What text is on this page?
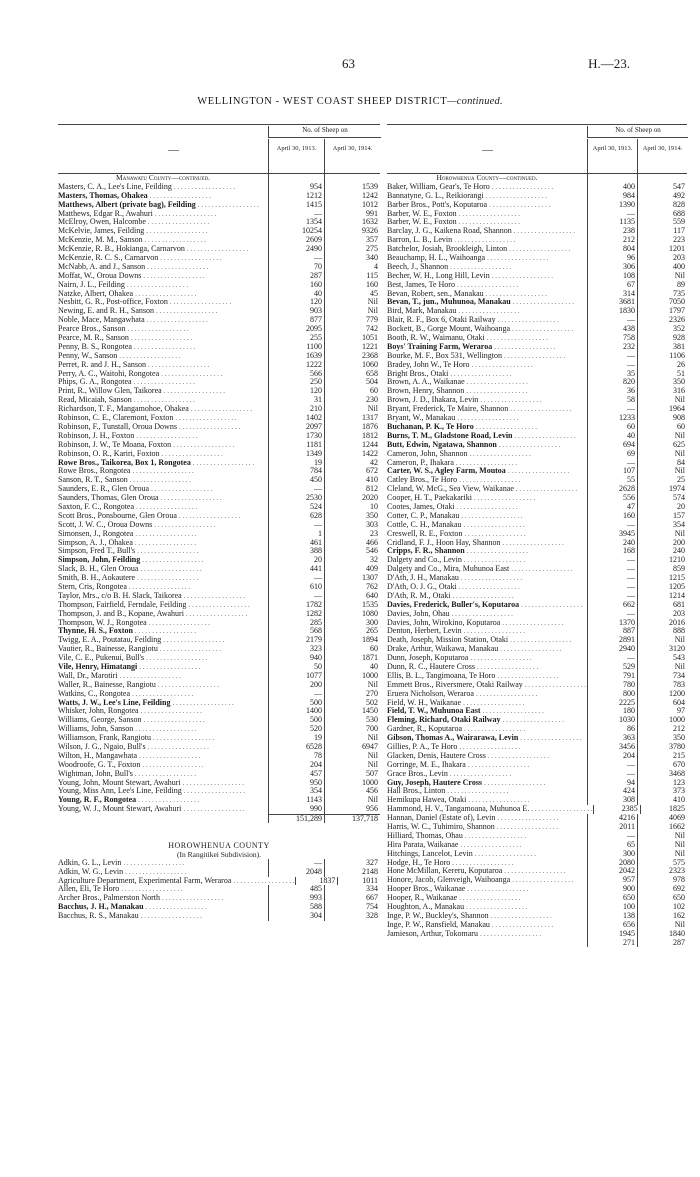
63	H.—23.
WELLINGTON - WEST COAST SHEEP DISTRICT—continued.
—
No. of Sheep on
April 30, 1913.	April 30, 1914.
Manawatu County—continued.
Masters, C. A., Lee's Line, Feilding . . . . . . . . . . . . . . . . . .	954	1539
Masters, Thomas, Ohakea . . . . . . . . . . . . . . . . . .	1212	1242
Matthews, Albert (private bag), Feilding . . . . . . . . . . . . . . . . . .	1415	1012
Matthews, Edgar R., Awahuri . . . . . . . . . . . . . . . . . .	—	991
McElroy, Owen, Halcombe . . . . . . . . . . . . . . . . . .	1354	1632
McKelvie, James, Feilding . . . . . . . . . . . . . . . . . .	10254	9326
McKenzie, M. M., Sanson . . . . . . . . . . . . . . . . . .	2609	357
McKenzie, R. B., Hokianga, Carnarvon . . . . . . . . . . . . . . . . . .	2490	275
McKenzie, R. C. S., Carnarvon . . . . . . . . . . . . . . . . . .	—	340
McNabb, A. and J., Sanson . . . . . . . . . . . . . . . . . .	70	4
Moffat, W., Oroua Downs . . . . . . . . . . . . . . . . . .	287	115
Nairn, J. L., Feilding . . . . . . . . . . . . . . . . . .	160	160
Natzke, Albert, Ohakea . . . . . . . . . . . . . . . . . .	40	45
Nesbitt, G. R., Post-office, Foxton . . . . . . . . . . . . . . . . . .	120	Nil
Newing, E. and R. H., Sanson . . . . . . . . . . . . . . . . . .	903	Nil
Noble, Mace, Mangawhata . . . . . . . . . . . . . . . . . .	877	779
Pearce Bros., Sanson . . . . . . . . . . . . . . . . . .	2095	742
Pearce, M. R., Sanson . . . . . . . . . . . . . . . . . .	255	1051
Penny, B. S., Rongotea . . . . . . . . . . . . . . . . . .	1100	1221
Penny, W., Sanson . . . . . . . . . . . . . . . . . .	1639	2368
Perret, R. and J. H., Sanson . . . . . . . . . . . . . . . . . .	1222	1060
Perry, A. C., Waitohi, Rongotea . . . . . . . . . . . . . . . . . .	566	658
Phips, G. A., Rongotea . . . . . . . . . . . . . . . . . .	250	504
Print, R., Willow Glen, Taikorea . . . . . . . . . . . . . . . . . .	120	60
Read, Micaiah, Sanson . . . . . . . . . . . . . . . . . .	31	230
Richardson, T. F., Mangamohoe, Ohakea . . . . . . . . . . . . . . . . . .	210	Nil
Robinson, C. E., Claremont, Foxton . . . . . . . . . . . . . . . . . .	1402	1317
Robinson, F., Tunstall, Oroua Downs . . . . . . . . . . . . . . . . . .	2097	1876
Robinson, J. H., Foxton . . . . . . . . . . . . . . . . . .	1730	1812
Robinson, J. W., Te Moana, Foxton . . . . . . . . . . . . . . . . . .	1181	1244
Robinson, O. R., Kariri, Foxton . . . . . . . . . . . . . . . . . .	1349	1422
Rowe Bros., Taikorea, Box 1, Rongotea . . . . . . . . . . . . . . . . . .	19	42
Rowe Bros., Rongotea . . . . . . . . . . . . . . . . . .	784	672
Sanson, R. T., Sanson . . . . . . . . . . . . . . . . . .	450	410
Saunders, E. R., Glen Oroua . . . . . . . . . . . . . . . . . .	—	812
Saunders, Thomas, Glen Oroua . . . . . . . . . . . . . . . . . .	2530	2020
Saxton, F. C., Rongotea . . . . . . . . . . . . . . . . . .	524	10
Scott Bros., Ponsbourne, Glen Oroua . . . . . . . . . . . . . . . . . .	628	350
Scott, J. W. C., Oroua Downs . . . . . . . . . . . . . . . . . .	—	303
Simonsen, J., Rongotea . . . . . . . . . . . . . . . . . .	1	23
Simpson, A. J., Ohakea . . . . . . . . . . . . . . . . . .	461	466
Simpson, Fred T., Bull's . . . . . . . . . . . . . . . . . .	388	546
Simpson, John, Feilding . . . . . . . . . . . . . . . . . .	20	32
Slack, B. H., Glen Oroua . . . . . . . . . . . . . . . . . .	441	409
Smith, B. H., Aokautere . . . . . . . . . . . . . . . . . .	—	1307
Stern, Cris, Rongotea . . . . . . . . . . . . . . . . . .	610	762
Taylor, Mrs., c/o B. H. Slack, Taikorea . . . . . . . . . . . . . . . . . .	—	640
Thompson, Fairfield, Ferndale, Feilding . . . . . . . . . . . . . . . . . .	1782	1535
Thompson, J. and B., Kopane, Awahuri . . . . . . . . . . . . . . . . . .	1282	1080
Thompson, W. J., Rongotea . . . . . . . . . . . . . . . . . .	285	300
Thynne, H. S., Foxton . . . . . . . . . . . . . . . . . .	568	265
Twigg, E. A., Poutatau, Feilding . . . . . . . . . . . . . . . . . .	2179	1894
Vautier, R., Bainesse, Rangiotu . . . . . . . . . . . . . . . . . .	323	60
Vile, C. E., Pukenui, Bull's . . . . . . . . . . . . . . . . . .	940	1871
Vile, Henry, Himatangi . . . . . . . . . . . . . . . . . .	50	40
Wall, Dr., Marotiri . . . . . . . . . . . . . . . . . .	1077	1000
Waller, R., Bainesse, Rangiotu . . . . . . . . . . . . . . . . . .	200	Nil
Watkins, C., Rongotea . . . . . . . . . . . . . . . . . .	—	270
Watts, J. W., Lee's Line, Feilding . . . . . . . . . . . . . . . . . .	500	502
Whisker, John, Rongotea . . . . . . . . . . . . . . . . . .	1400	1450
Williams, George, Sanson . . . . . . . . . . . . . . . . . .	500	530
Williams, John, Sanson . . . . . . . . . . . . . . . . . .	520	700
Williamson, Frank, Rangiotu . . . . . . . . . . . . . . . . . .	19	Nil
Wilson, J. G., Ngaio, Bull's . . . . . . . . . . . . . . . . . .	6528	6947
Wilton, H., Mangawhata . . . . . . . . . . . . . . . . . .	78	Nil
Woodroofe, G. T., Foxton . . . . . . . . . . . . . . . . . .	204	Nil
Wightman, John, Bull's . . . . . . . . . . . . . . . . . .	457	507
Young, John, Mount Stewart, Awahuri . . . . . . . . . . . . . . . . . .	950	1000
Young, Miss Ann, Lee's Line, Feilding . . . . . . . . . . . . . . . . . .	354	456
Young, R. F., Rongotea . . . . . . . . . . . . . . . . . .	1143	Nil
Young, W. J., Mount Stewart, Awahuri . . . . . . . . . . . . . . . . . .	990	956
151,289	137,718
HOROWHENUA COUNTY
(In Rangitikei Subdivision).
Adkin, G. L., Levin . . . . . . . . . . . . . . . . . .	—	327
Adkin, W. G., Levin . . . . . . . . . . . . . . . . . .	2048	2148
Agriculture Department, Experimental Farm, Weraroa . . . . . . . . . . . . . . . . . .	1837	1011
Allen, Eli, Te Horo . . . . . . . . . . . . . . . . . .	485	334
Archer Bros., Palmerston North . . . . . . . . . . . . . . . . . .	993	667
Bacchus, J. H., Manakau . . . . . . . . . . . . . . . . . .	588	754
Bacchus, R. S., Manakau . . . . . . . . . . . . . . . . . .	304	328
—
No. of Sheep on
April 30, 1913.	April 30, 1914.
Horowhenua County—continued.
Baker, William, Gear's, Te Horo . . . . . . . . . . . . . . . . . .	400	547
Bannatyne, G. L., Reikiorangi . . . . . . . . . . . . . . . . . .	984	492
Barber Bros., Pott's, Koputaroa . . . . . . . . . . . . . . . . . .	1390	828
Barber, W. E., Foxton . . . . . . . . . . . . . . . . . .	—	688
Barber, W. E., Foxton . . . . . . . . . . . . . . . . . .	1135	559
Barclay, J. G., Kaikena Road, Shannon . . . . . . . . . . . . . . . . . .	238	117
Barron, L. B., Levin . . . . . . . . . . . . . . . . . .	212	223
Batchelor, Josiah, Brookleigh, Linton . . . . . . . . . . . . . . . . . .	804	1201
Beauchamp, H. L., Waihoanga . . . . . . . . . . . . . . . . . .	96	203
Beech, J., Shannon . . . . . . . . . . . . . . . . . .	306	400
Becher, W. H., Long Hill, Levin . . . . . . . . . . . . . . . . . .	108	Nil
Best, James, Te Horo . . . . . . . . . . . . . . . . . .	67	89
Bevan, Robert, sen., Manakau . . . . . . . . . . . . . . . . . .	314	735
Bevan, T., jun., Muhunoa, Manakau . . . . . . . . . . . . . . . . . .	3681	7050
Bird, Mark, Manakau . . . . . . . . . . . . . . . . . .	1830	1797
Blair, R. F., Box 6, Otaki Railway . . . . . . . . . . . . . . . . . .	—	2326
Bockett, B., Gorge Mount, Waihoanga . . . . . . . . . . . . . . . . . .	438	352
Booth, R. W., Waimanu, Otaki . . . . . . . . . . . . . . . . . .	758	928
Boys' Training Farm, Weraroa . . . . . . . . . . . . . . . . . .	232	381
Bourke, M. F., Box 531, Wellington . . . . . . . . . . . . . . . . . .	—	1106
Bradey, John W., Te Horo . . . . . . . . . . . . . . . . . .	—	26
Bright Bros., Otaki . . . . . . . . . . . . . . . . . .	35	51
Brown, A. A., Waikanae . . . . . . . . . . . . . . . . . .	820	350
Brown, Henry, Shannon . . . . . . . . . . . . . . . . . .	36	316
Brown, J. D., Ihakara, Levin . . . . . . . . . . . . . . . . . .	58	Nil
Bryant, Frederick, Te Maire, Shannon . . . . . . . . . . . . . . . . . .	—	1964
Bryant, W., Manakau . . . . . . . . . . . . . . . . . .	1233	908
Buchanan, P. K., Te Horo . . . . . . . . . . . . . . . . . .	60	60
Burns, T. M., Gladstone Road, Levin . . . . . . . . . . . . . . . . . .	40	Nil
Butt, Edwin, Ngatawa, Shannon . . . . . . . . . . . . . . . . . .	694	625
Cameron, John, Shannon . . . . . . . . . . . . . . . . . .	69	Nil
Cameron, P., Ihakara . . . . . . . . . . . . . . . . . .	—	84
Carter, W. S., Agley Farm, Moutoa . . . . . . . . . . . . . . . . . .	107	Nil
Catley Bros., Te Horo . . . . . . . . . . . . . . . . . .	55	25
Cleland, W. McG., Sea View, Waikanae . . . . . . . . . . . . . . . . . .	2628	1974
Cooper, H. T., Paekakariki . . . . . . . . . . . . . . . . . .	556	574
Cootes, James, Otaki . . . . . . . . . . . . . . . . . .	47	20
Cotter, C. P., Manakau . . . . . . . . . . . . . . . . . .	160	157
Cottle, C. H., Manakau . . . . . . . . . . . . . . . . . .	—	354
Creswell, R. E., Foxton . . . . . . . . . . . . . . . . . .	3945	Nil
Cridland, F. J., Hoon Hay, Shannon . . . . . . . . . . . . . . . . . .	240	200
Cripps, F. R., Shannon . . . . . . . . . . . . . . . . . .	168	240
Dalgety and Co., Levin . . . . . . . . . . . . . . . . . .	—	1210
Dalgety and Co., Mira, Muhunoa East . . . . . . . . . . . . . . . . . .	—	859
D'Ath, J. H., Manakau . . . . . . . . . . . . . . . . . .	—	1215
D'Ath, O. J. G., Otaki . . . . . . . . . . . . . . . . . .	—	1205
D'Ath, R. M., Otaki . . . . . . . . . . . . . . . . . .	—	1214
Davies, Frederick, Buller's, Koputaroa . . . . . . . . . . . . . . . . . .	662	681
Davies, John, Ohau . . . . . . . . . . . . . . . . . .	—	203
Davies, John, Wirokino, Koputaroa . . . . . . . . . . . . . . . . . .	1370	2016
Denton, Herbert, Levin . . . . . . . . . . . . . . . . . .	887	888
Death, Joseph, Mission Station, Otaki . . . . . . . . . . . . . . . . . .	2891	Nil
Drake, Arthur, Waikawa, Manakau . . . . . . . . . . . . . . . . . .	2940	3120
Dunn, Joseph, Koputaroa . . . . . . . . . . . . . . . . . .	—	543
Dunn, R. C., Hautere Cross . . . . . . . . . . . . . . . . . .	529	Nil
Ellis, B. L., Tangimoana, Te Horo . . . . . . . . . . . . . . . . . .	791	734
Emmett Bros., Riversmere, Otaki Railway . . . . . . . . . . . . . . . . . .	780	783
Eruera Nicholson, Weraroa . . . . . . . . . . . . . . . . . .	800	1200
Field, W. H., Waikanae . . . . . . . . . . . . . . . . . .	2225	604
Field, T. W., Muhunoa East . . . . . . . . . . . . . . . . . .	180	97
Fleming, Richard, Otaki Railway . . . . . . . . . . . . . . . . . .	1030	1000
Gardner, R., Koputaroa . . . . . . . . . . . . . . . . . .	86	212
Gibson, Thomas A., Wairarawa, Levin . . . . . . . . . . . . . . . . . .	363	350
Gillies, P. A., Te Horo . . . . . . . . . . . . . . . . . .	3456	3780
Glacken, Denis, Hautere Cross . . . . . . . . . . . . . . . . . .	204	215
Gorringe, M. E., Ihakara . . . . . . . . . . . . . . . . . .	—	670
Grace Bros., Levin . . . . . . . . . . . . . . . . . .	—	3468
Guy, Joseph, Hautere Cross . . . . . . . . . . . . . . . . . .	94	123
Hall Bros., Linton . . . . . . . . . . . . . . . . . .	424	373
Hemikupa Hawea, Otaki . . . . . . . . . . . . . . . . . .	308	410
Hammond, H. V., Tangamoana, Muhunoa E. . . . . . . . . . . . . . . . . . .	2385	1825
Hannan, Daniel (Estate of), Levin . . . . . . . . . . . . . . . . . .	4216	4069
Harris, W. C., Tuhimiro, Shannon . . . . . . . . . . . . . . . . . .	2011	1662
Hilliard, Thomas, Ohau . . . . . . . . . . . . . . . . . .	—	Nil
Hira Parata, Waikanae . . . . . . . . . . . . . . . . . .	65	Nil
Hitchings, Lancelot, Levin . . . . . . . . . . . . . . . . . .	300	Nil
Hodge, H., Te Horo . . . . . . . . . . . . . . . . . .	2080	575
Hone McMillan, Kereru, Koputaroa . . . . . . . . . . . . . . . . . .	2042	2323
Honore, Jacob, Glenveigh, Waihoanga . . . . . . . . . . . . . . . . . .	957	978
Hooper Bros., Waikanae . . . . . . . . . . . . . . . . . .	900	692
Hooper, R., Waikanae . . . . . . . . . . . . . . . . . .	650	650
Houghton, A., Manakau . . . . . . . . . . . . . . . . . .	100	102
Inge, P. W., Buckley's, Shannon . . . . . . . . . . . . . . . . . .	138	162
Inge, P. W., Ransfield, Manakau . . . . . . . . . . . . . . . . . .	656	Nil
Jamieson, Arthur, Tokomaru . . . . . . . . . . . . . . . . . .	1945	1840
271	287
